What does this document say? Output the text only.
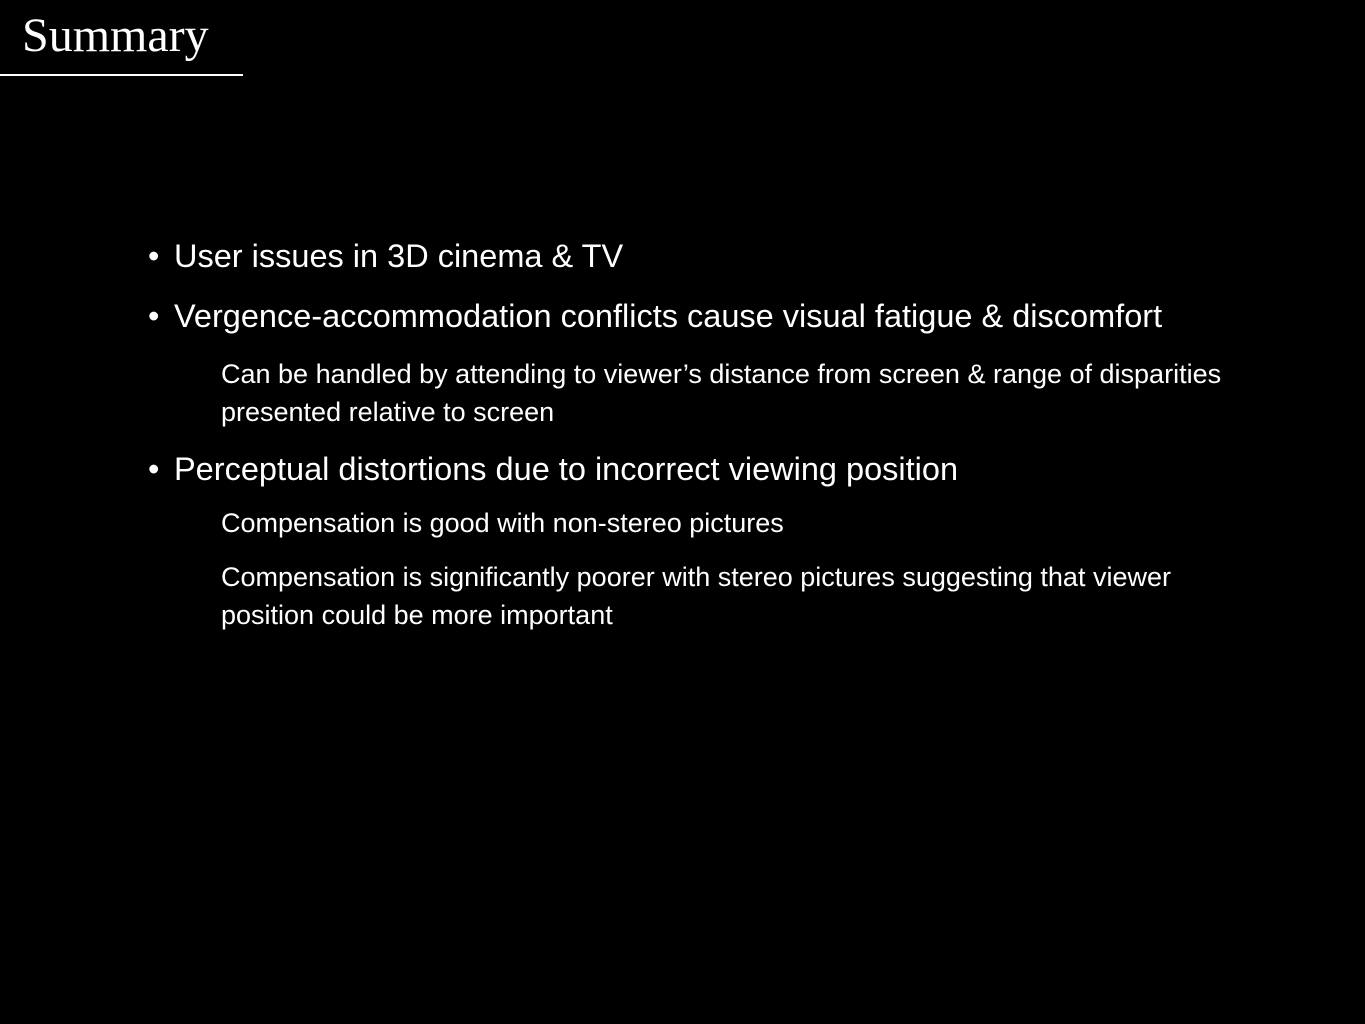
Summary
• User issues in 3D cinema & TV
• Vergence-accommodation conflicts cause visual fatigue & discomfort
Can be handled by attending to viewer’s distance from screen & range of disparities presented relative to screen
• Perceptual distortions due to incorrect viewing position
Compensation is good with non-stereo pictures
Compensation is significantly poorer with stereo pictures suggesting that viewer position could be more important
